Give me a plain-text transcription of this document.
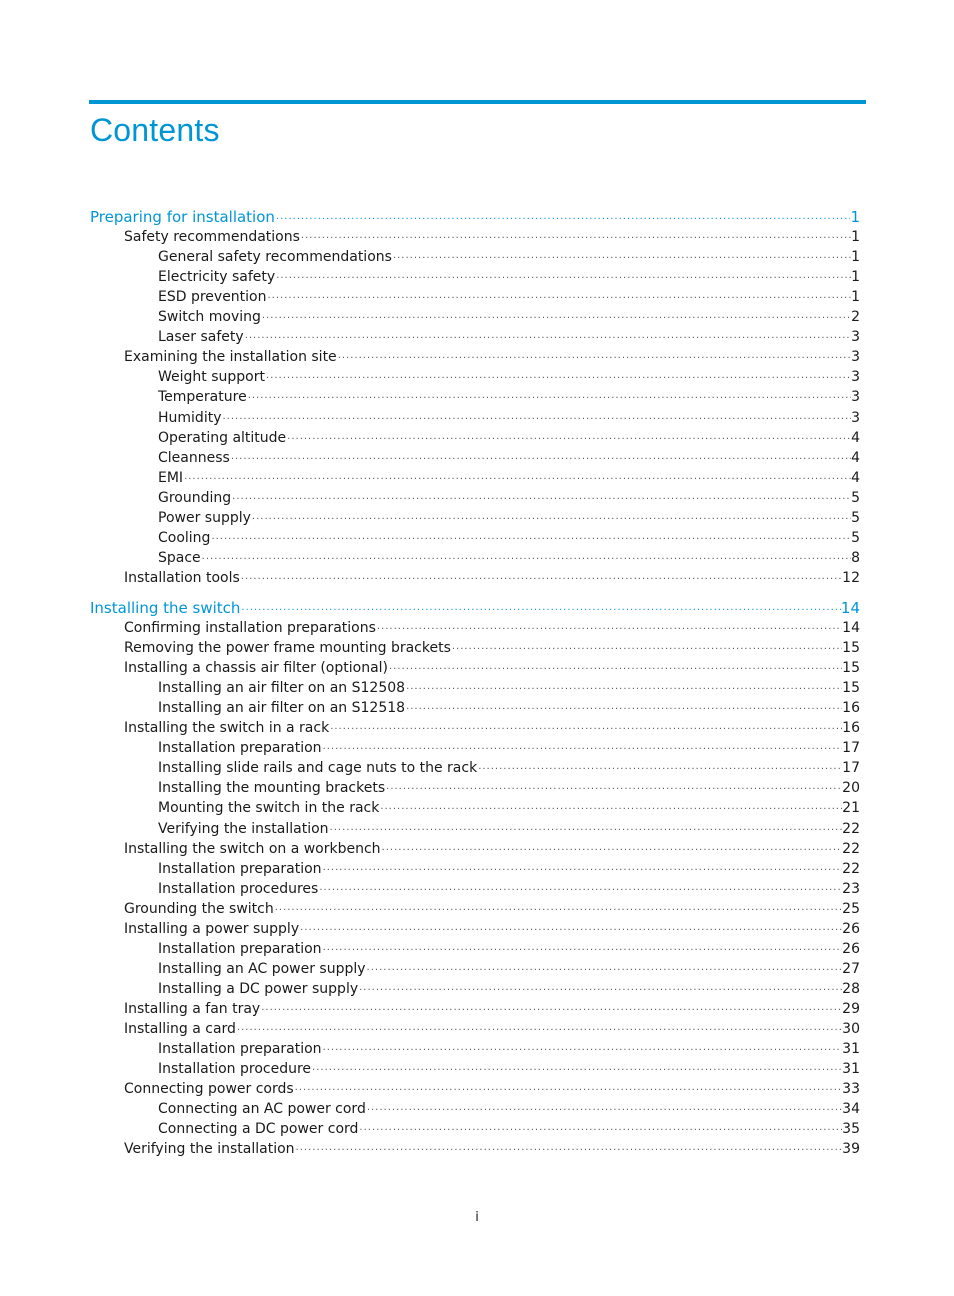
Contents
Preparing for installation ·····	1
Safety recommendations ·····	1
General safety recommendations ·····	1
Electricity safety ·····	1
ESD prevention ·····	1
Switch moving ·····	2
Laser safety ·····	3
Examining the installation site ·····	3
Weight support ·····	3
Temperature ·····	3
Humidity ·····	3
Operating altitude ·····	4
Cleanness ·····	4
EMI ·····	4
Grounding ·····	5
Power supply ·····	5
Cooling ·····	5
Space ·····	8
Installation tools ·····	12
Installing the switch ·····	14
Confirming installation preparations ·····	14
Removing the power frame mounting brackets ·····	15
Installing a chassis air filter (optional) ·····	15
Installing an air filter on an S12508 ·····	15
Installing an air filter on an S12518 ·····	16
Installing the switch in a rack ·····	16
Installation preparation ·····	17
Installing slide rails and cage nuts to the rack ·····	17
Installing the mounting brackets ·····	20
Mounting the switch in the rack ·····	21
Verifying the installation ·····	22
Installing the switch on a workbench ·····	22
Installation preparation ·····	22
Installation procedures ·····	23
Grounding the switch ·····	25
Installing a power supply ·····	26
Installation preparation ·····	26
Installing an AC power supply ·····	27
Installing a DC power supply ·····	28
Installing a fan tray ·····	29
Installing a card ·····	30
Installation preparation ·····	31
Installation procedure ·····	31
Connecting power cords ·····	33
Connecting an AC power cord ·····	34
Connecting a DC power cord ·····	35
Verifying the installation ·····	39
i
